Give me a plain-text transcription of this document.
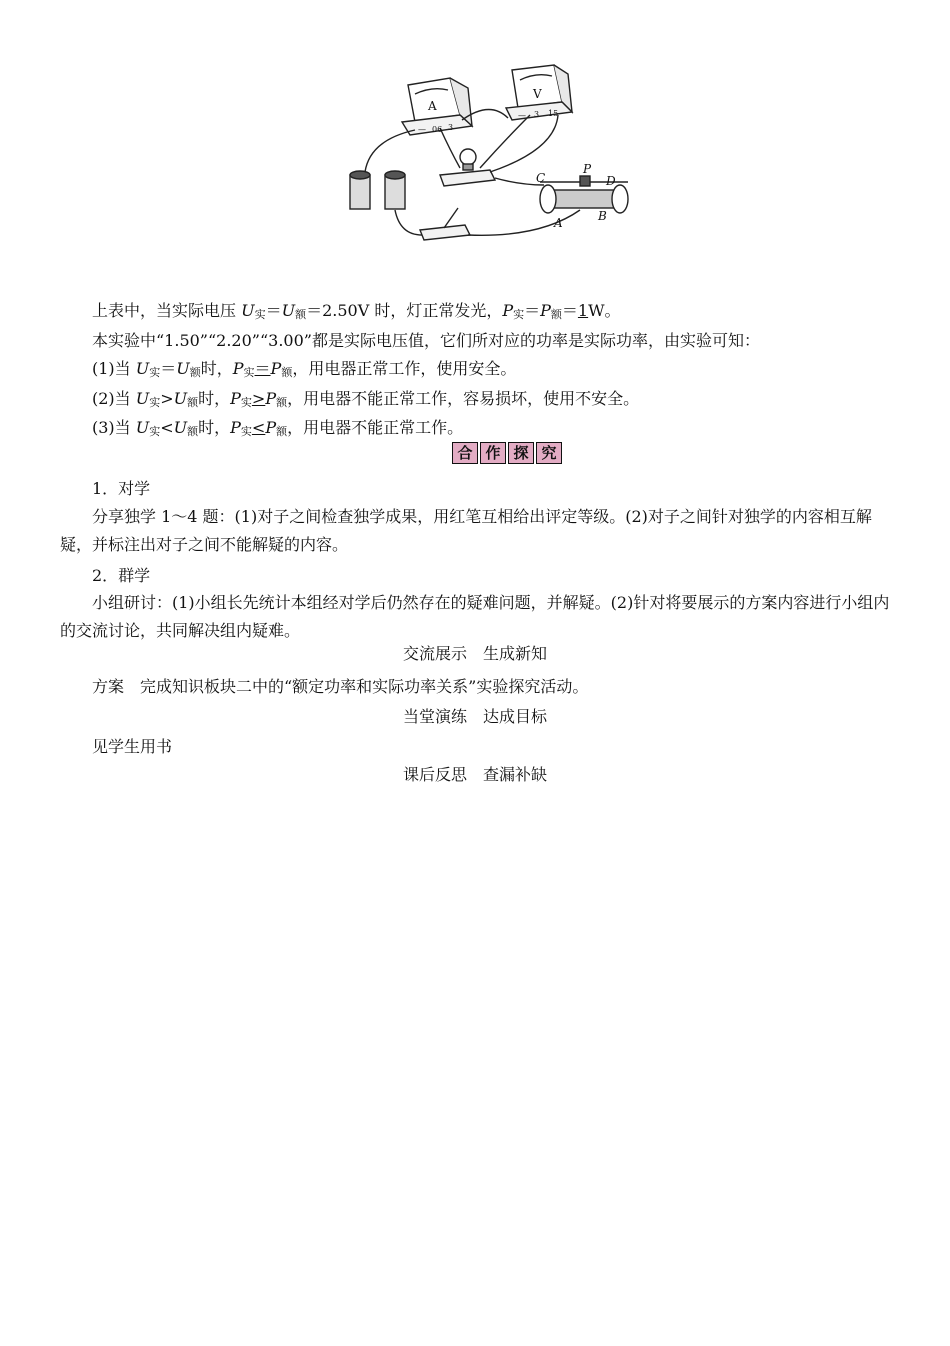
A
V
— 06 3
— 3 15
C
P
D
A	B
上表中，当实际电压 $U_实=U_额=2.50V$ 时，灯正常发光，$P_实=P_额=1W$。
本实验中“1.50”“2.20”“3.00”都是实际电压值，它们所对应的功率是实际功率，由实验可知：
(1)当 $U_实=U_额$时，$P_实=P_额$，用电器正常工作，使用安全。
(2)当 $U_实>U_额$时，$P_实>P_额$，用电器不能正常工作，容易损坏，使用不安全。
(3)当 $U_实<U_额$时，$P_实<P_额$，用电器不能正常工作。
合 作 探 究
1．对学
分享独学 1～4 题：(1)对子之间检查独学成果，用红笔互相给出评定等级。(2)对子之间针对独学的内容相互解疑，并标注出对子之间不能解疑的内容。
2．群学
小组研讨：(1)小组长先统计本组经对学后仍然存在的疑难问题，并解疑。(2)针对将要展示的方案内容进行小组内的交流讨论，共同解决组内疑难。
交流展示　生成新知
方案　完成知识板块二中的“额定功率和实际功率关系”实验探究活动。
当堂演练　达成目标
见学生用书
课后反思　查漏补缺
